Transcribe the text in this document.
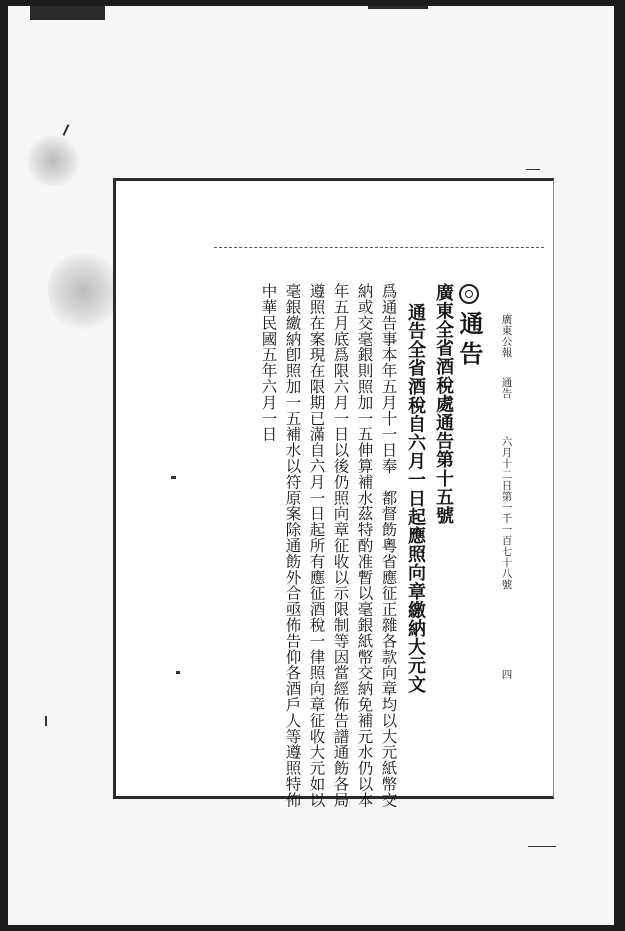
廣東公報
通告
六月十二日第一千一百七十八號
四
通告
廣東全省酒稅處通告第十五號
通告全省酒稅自六月一日起應照向章繳納大元文
爲通告事本年五月十一日奉　都督飭粵省應征正雜各款向章均以大元紙幣交
納或交毫銀則照加一五伸算補水茲特酌准暫以毫銀紙幣交納免補元水仍以本
年五月底爲限六月一日以後仍照向章征收以示限制等因當經佈告譜通飭各局
遵照在案現在限期已滿自六月一日起所有應征酒稅一律照向章征收大元如以
毫銀繳納卽照加一五補水以符原案除通飭外合亟佈告仰各酒戶人等遵照特佈
中華民國五年六月一日
